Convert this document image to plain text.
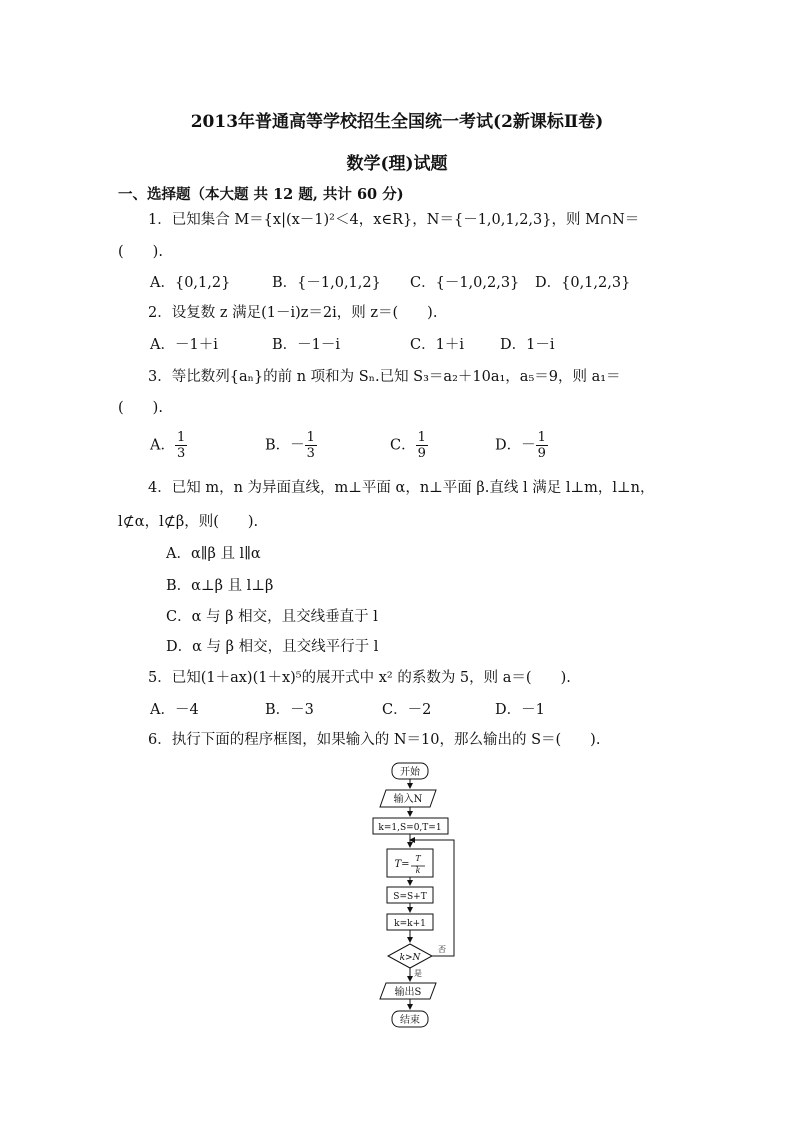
2013年普通高等学校招生全国统一考试(2新课标Ⅱ卷)
数学(理)试题
一、选择题（本大题 共 12 题, 共计 60 分)
1．已知集合 M＝{x|(x－1)²＜4，x∈R}，N＝{－1,0,1,2,3}，则 M∩N＝
(　　).
A．{0,1,2}	B．{－1,0,1,2} C．{－1,0,2,3} D．{0,1,2,3}
2．设复数 z 满足(1－i)z＝2i，则 z＝(　　).
A．－1＋i	B．－1－i	C．1＋i D．1－i
3．等比数列{aₙ}的前 n 项和为 Sₙ.已知 S₃＝a₂＋10a₁，a₅＝9，则 a₁＝
(　　).
A． $\frac{1}{3}$	B．－ $\frac{1}{3}$	C． $\frac{1}{9}$	D．－ $\frac{1}{9}$
4．已知 m，n 为异面直线，m⊥平面 α，n⊥平面 β.直线 l 满足 l⊥m，l⊥n，
l⊄α，l⊄β，则(　　).
A．α∥β 且 l∥α
B．α⊥β 且 l⊥β
C．α 与 β 相交，且交线垂直于 l
D．α 与 β 相交，且交线平行于 l
5．已知(1＋ax)(1＋x)⁵的展开式中 x² 的系数为 5，则 a＝(　　).
A．－4	B．－3	C．－2	D．－1
6．执行下面的程序框图，如果输入的 N＝10，那么输出的 S＝(　　).
开始
输入N
k=1,S=0,T=1
T=
T
k
S=S+T
k=k+1
k>N
否
是
输出S
结束
